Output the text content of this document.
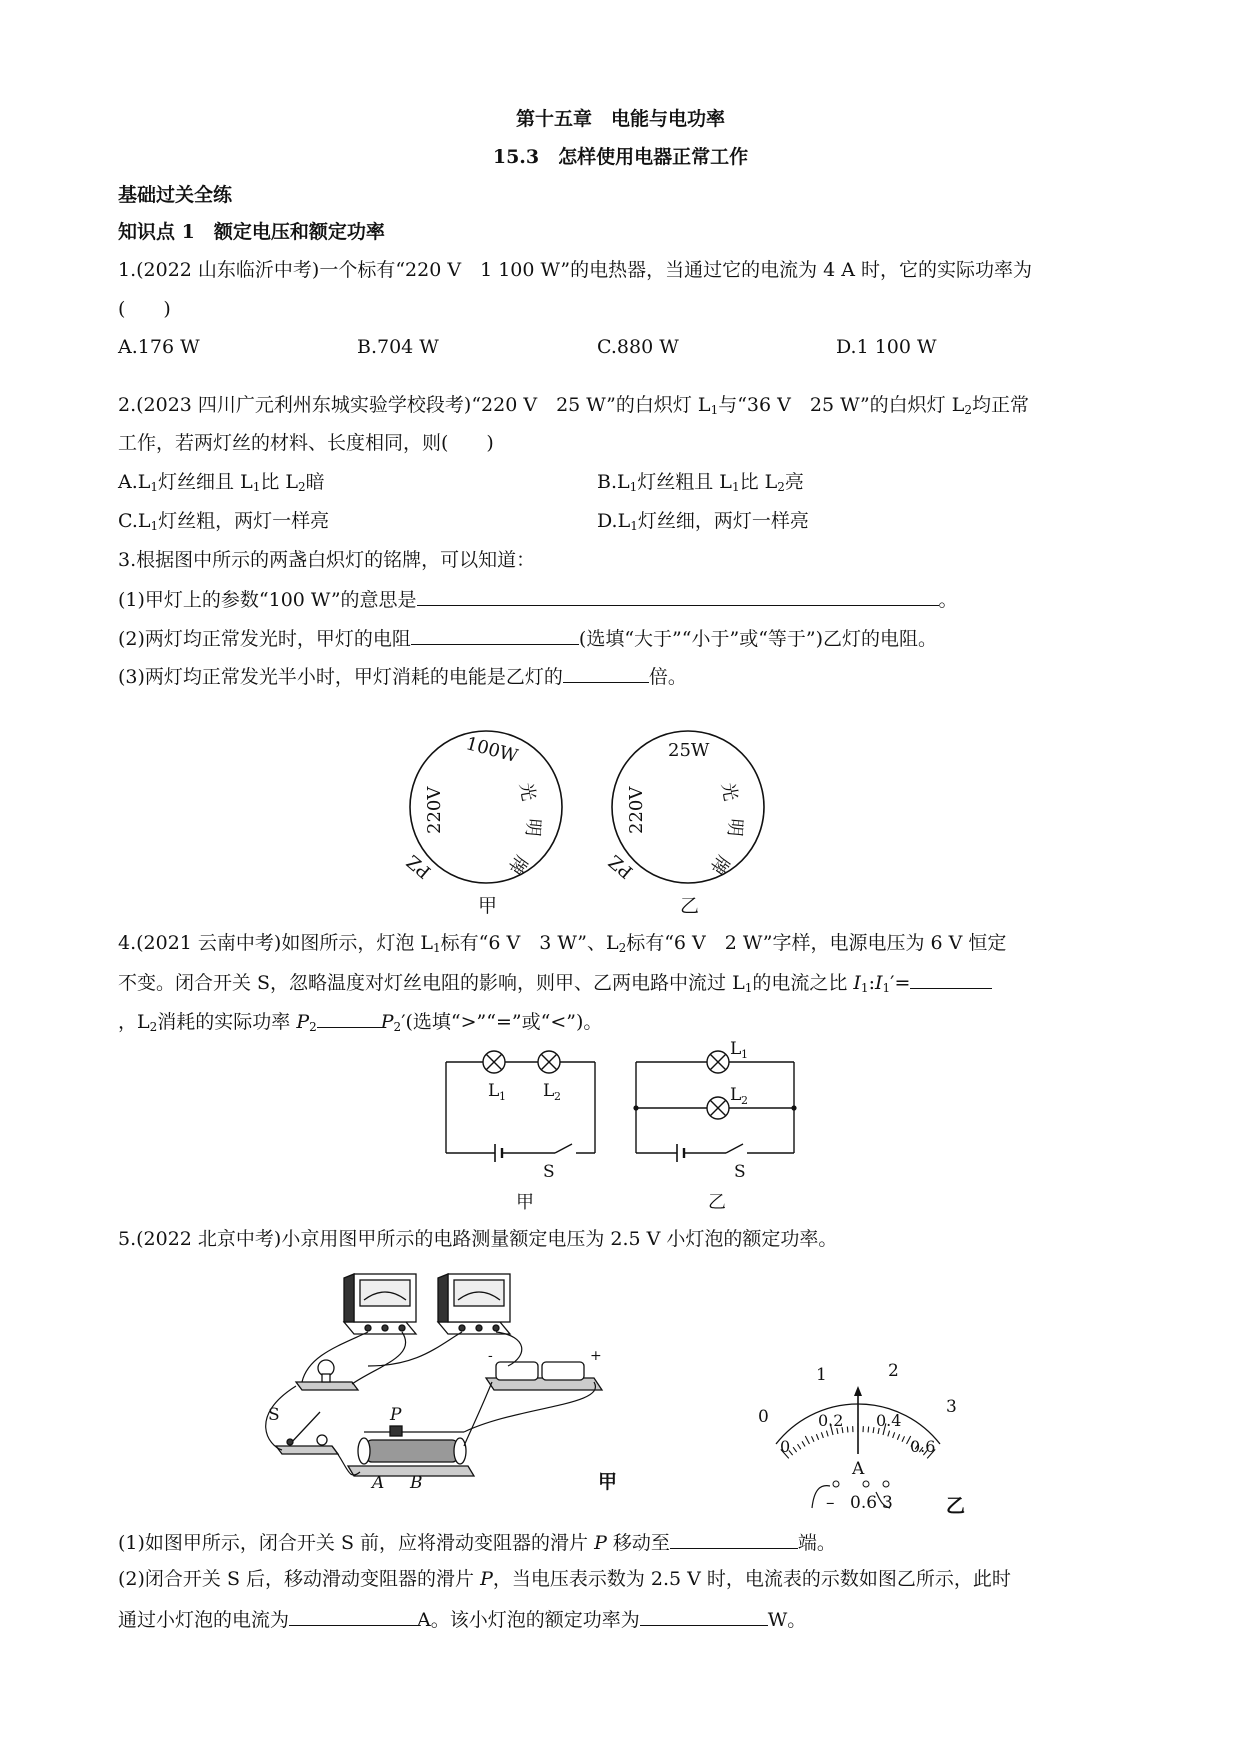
第十五章　电能与电功率
15.3　怎样使用电器正常工作
基础过关全练
知识点 1　额定电压和额定功率
1.(2022 山东临沂中考)一个标有“220 V　1 100 W”的电热器，当通过它的电流为 4 A 时，它的实际功率为
(　　)
A.176 W	B.704 W	C.880 W	D.1 100 W
2.(2023 四川广元利州东城实验学校段考)“220 V　25 W”的白炽灯 $L_1$与“36 V　25 W”的白炽灯 $L_2$均正常
工作，若两灯丝的材料、长度相同，则(　　)
$A.L_1$灯丝细且 $L_1$比 $L_2$暗	$B.L_1$灯丝粗且 $L_1$比 $L_2$亮
$C.L_1$灯丝粗，两灯一样亮	$D.L_1$灯丝细，两灯一样亮
3.根据图中所示的两盏白炽灯的铭牌，可以知道：
(1)甲灯上的参数“100 W”的意思是	。
(2)两灯均正常发光时，甲灯的电阻	(选填“大于”“小于”或“等于”)乙灯的电阻。
(3)两灯均正常发光半小时，甲灯消耗的电能是乙灯的	倍。
100W
220V
PZ
光
明
牌
25W
220V
PZ
光
明
牌
甲	乙
4.(2021 云南中考)如图所示，灯泡 $L_1$标有“6 V　3 W”、$L_2$标有“6 V　2 W”字样，电源电压为 6 V 恒定
不变。闭合开关 S，忽略温度对灯丝电阻的影响，则甲、乙两电路中流过 $L_1$的电流之比 $I_1:I_1'=$
，$L_2$消耗的实际功率 $P_2$	$P_2'$(选填“>”“=”或“<”)。
L 1 L 2
S
甲
L 1
L 2
S
乙
5.(2022 北京中考)小京用图甲所示的电路测量额定电压为 2.5 V 小灯泡的额定功率。
-	+
S	P
A B	甲
0
1	2
3
0
0.2 0.4
0.6
A
– 0.6 3	乙
(1)如图甲所示，闭合开关 S 前，应将滑动变阻器的滑片 P 移动至	端。
(2)闭合开关 S 后，移动滑动变阻器的滑片 P，当电压表示数为 2.5 V 时，电流表的示数如图乙所示，此时
通过小灯泡的电流为	A。该小灯泡的额定功率为	W。
